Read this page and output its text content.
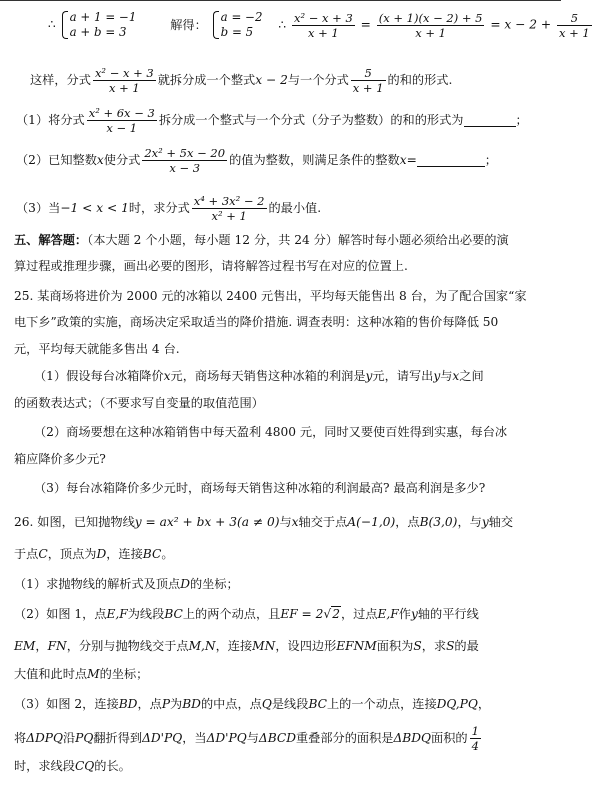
∴
a + 1 = −1
a + b = 3
解得：
a = −2
b = 5
∴ $\frac{\text{x² − x + 3}}{x + 1} = \frac{(x + 1)(x - 2) + 5}{x + 1} = x - 2 + \frac{5}{x + 1}$
这样，分式 $\frac{\text{x² − x + 3}}{x + 1}$ 就拆分成一个整式x − 2与一个分式 $\frac{5}{x + 1}$ 的和的形式.
（1）将分式 $\frac{\text{x² + 6x − 3}}{x - 1}$ 拆分成一个整式与一个分式（分子为整数）的和的形式为	；
（2）已知整数x使分式 $\frac{\text{2x² + 5x − 20}}{x - 3}$ 的值为整数，则满足条件的整数x=	；
（3）当−1 < x < 1时，求分式 $\frac{\text{x⁴ + 3x² − 2}}{\text{x² + 1}}$ 的最小值.
五、解答题：（本大题 2 个小题，每小题 12 分，共 24 分）解答时每小题必须给出必要的演
算过程或推理步骤，画出必要的图形，请将解答过程书写在对应的位置上.
25. 某商场将进价为 2000 元的冰箱以 2400 元售出，平均每天能售出 8 台，为了配合国家“家
电下乡”政策的实施，商场决定采取适当的降价措施. 调查表明：这种冰箱的售价每降低 50
元，平均每天就能多售出 4 台.
（1）假设每台冰箱降价x元，商场每天销售这种冰箱的利润是y元，请写出y与x之间
的函数表达式；（不要求写自变量的取值范围）
（2）商场要想在这种冰箱销售中每天盈利 4800 元，同时又要使百姓得到实惠，每台冰
箱应降价多少元?
（3）每台冰箱降价多少元时，商场每天销售这种冰箱的利润最高? 最高利润是多少?
26. 如图，已知抛物线y = ax² + bx + 3(a ≠ 0)与x轴交于点A(−1,0)，点B(3,0)，与y轴交
于点C，顶点为D，连接BC。
（1）求抛物线的解析式及顶点D的坐标；
（2）如图 1，点E,F为线段BC上的两个动点，且EF = 2√2，过点E,F作y轴的平行线
EM，FN，分别与抛物线交于点M,N，连接MN，设四边形EFNM面积为S，求S的最
大值和此时点M的坐标；
（3）如图 2，连接BD，点P为BD的中点，点Q是线段BC上的一个动点，连接DQ,PQ，
将ΔDPQ沿PQ翻折得到ΔD'PQ，当ΔD'PQ与ΔBCD重叠部分的面积是ΔBDQ面积的 $\frac{1}{4}$
时，求线段CQ的长。
